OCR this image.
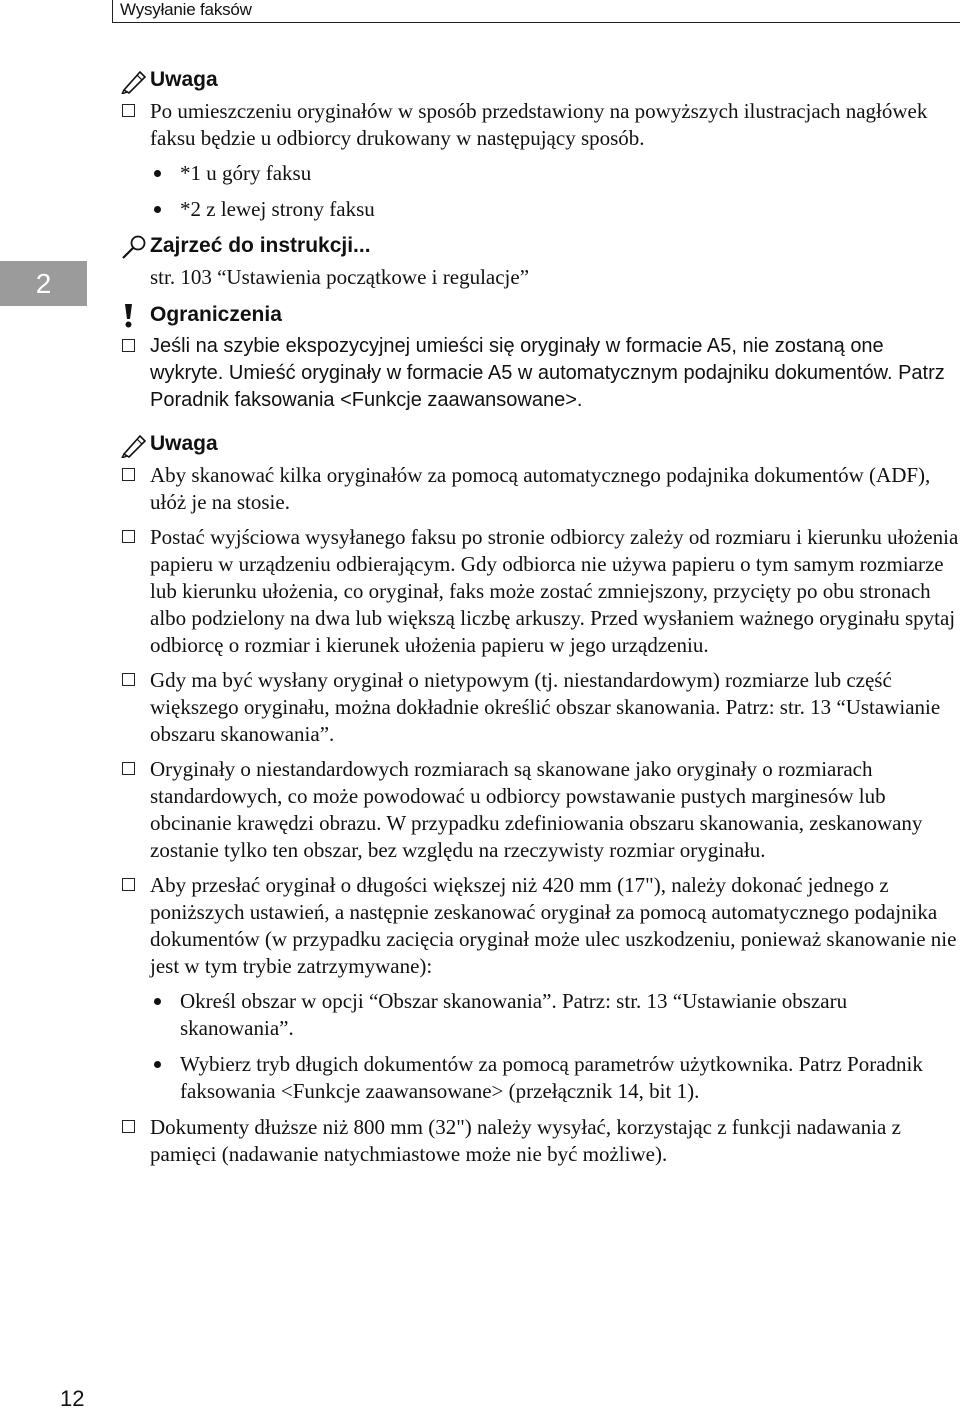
Wysyłanie faksów
2
Uwaga
Po umieszczeniu oryginałów w sposób przedstawiony na powyższych ilustracjach nagłówek faksu będzie u odbiorcy drukowany w następujący sposób.
*1 u góry faksu
*2 z lewej strony faksu
Zajrzeć do instrukcji...
str. 103 “Ustawienia początkowe i regulacje”
Ograniczenia
Jeśli na szybie ekspozycyjnej umieści się oryginały w formacie A5, nie zostaną one wykryte. Umieść oryginały w formacie A5 w automatycznym podajniku dokumentów. Patrz Poradnik faksowania <Funkcje zaawansowane>.
Uwaga
Aby skanować kilka oryginałów za pomocą automatycznego podajnika dokumentów (ADF), ułóż je na stosie.
Postać wyjściowa wysyłanego faksu po stronie odbiorcy zależy od rozmiaru i kierunku ułożenia papieru w urządzeniu odbierającym. Gdy odbiorca nie używa papieru o tym samym rozmiarze lub kierunku ułożenia, co oryginał, faks może zostać zmniejszony, przycięty po obu stronach albo podzielony na dwa lub większą liczbę arkuszy. Przed wysłaniem ważnego oryginału spytaj odbiorcę o rozmiar i kierunek ułożenia papieru w jego urządzeniu.
Gdy ma być wysłany oryginał o nietypowym (tj. niestandardowym) rozmiarze lub część większego oryginału, można dokładnie określić obszar skanowania. Patrz: str. 13 “Ustawianie obszaru skanowania”.
Oryginały o niestandardowych rozmiarach są skanowane jako oryginały o rozmiarach standardowych, co może powodować u odbiorcy powstawanie pustych marginesów lub obcinanie krawędzi obrazu. W przypadku zdefiniowania obszaru skanowania, zeskanowany zostanie tylko ten obszar, bez względu na rzeczywisty rozmiar oryginału.
Aby przesłać oryginał o długości większej niż 420 mm (17"), należy dokonać jednego z poniższych ustawień, a następnie zeskanować oryginał za pomocą automatycznego podajnika dokumentów (w przypadku zacięcia oryginał może ulec uszkodzeniu, ponieważ skanowanie nie jest w tym trybie zatrzymywane):
Określ obszar w opcji “Obszar skanowania”. Patrz: str. 13 “Ustawianie obszaru skanowania”.
Wybierz tryb długich dokumentów za pomocą parametrów użytkownika. Patrz Poradnik faksowania <Funkcje zaawansowane> (przełącznik 14, bit 1).
Dokumenty dłuższe niż 800 mm (32") należy wysyłać, korzystając z funkcji nadawania z pamięci (nadawanie natychmiastowe może nie być możliwe).
12
